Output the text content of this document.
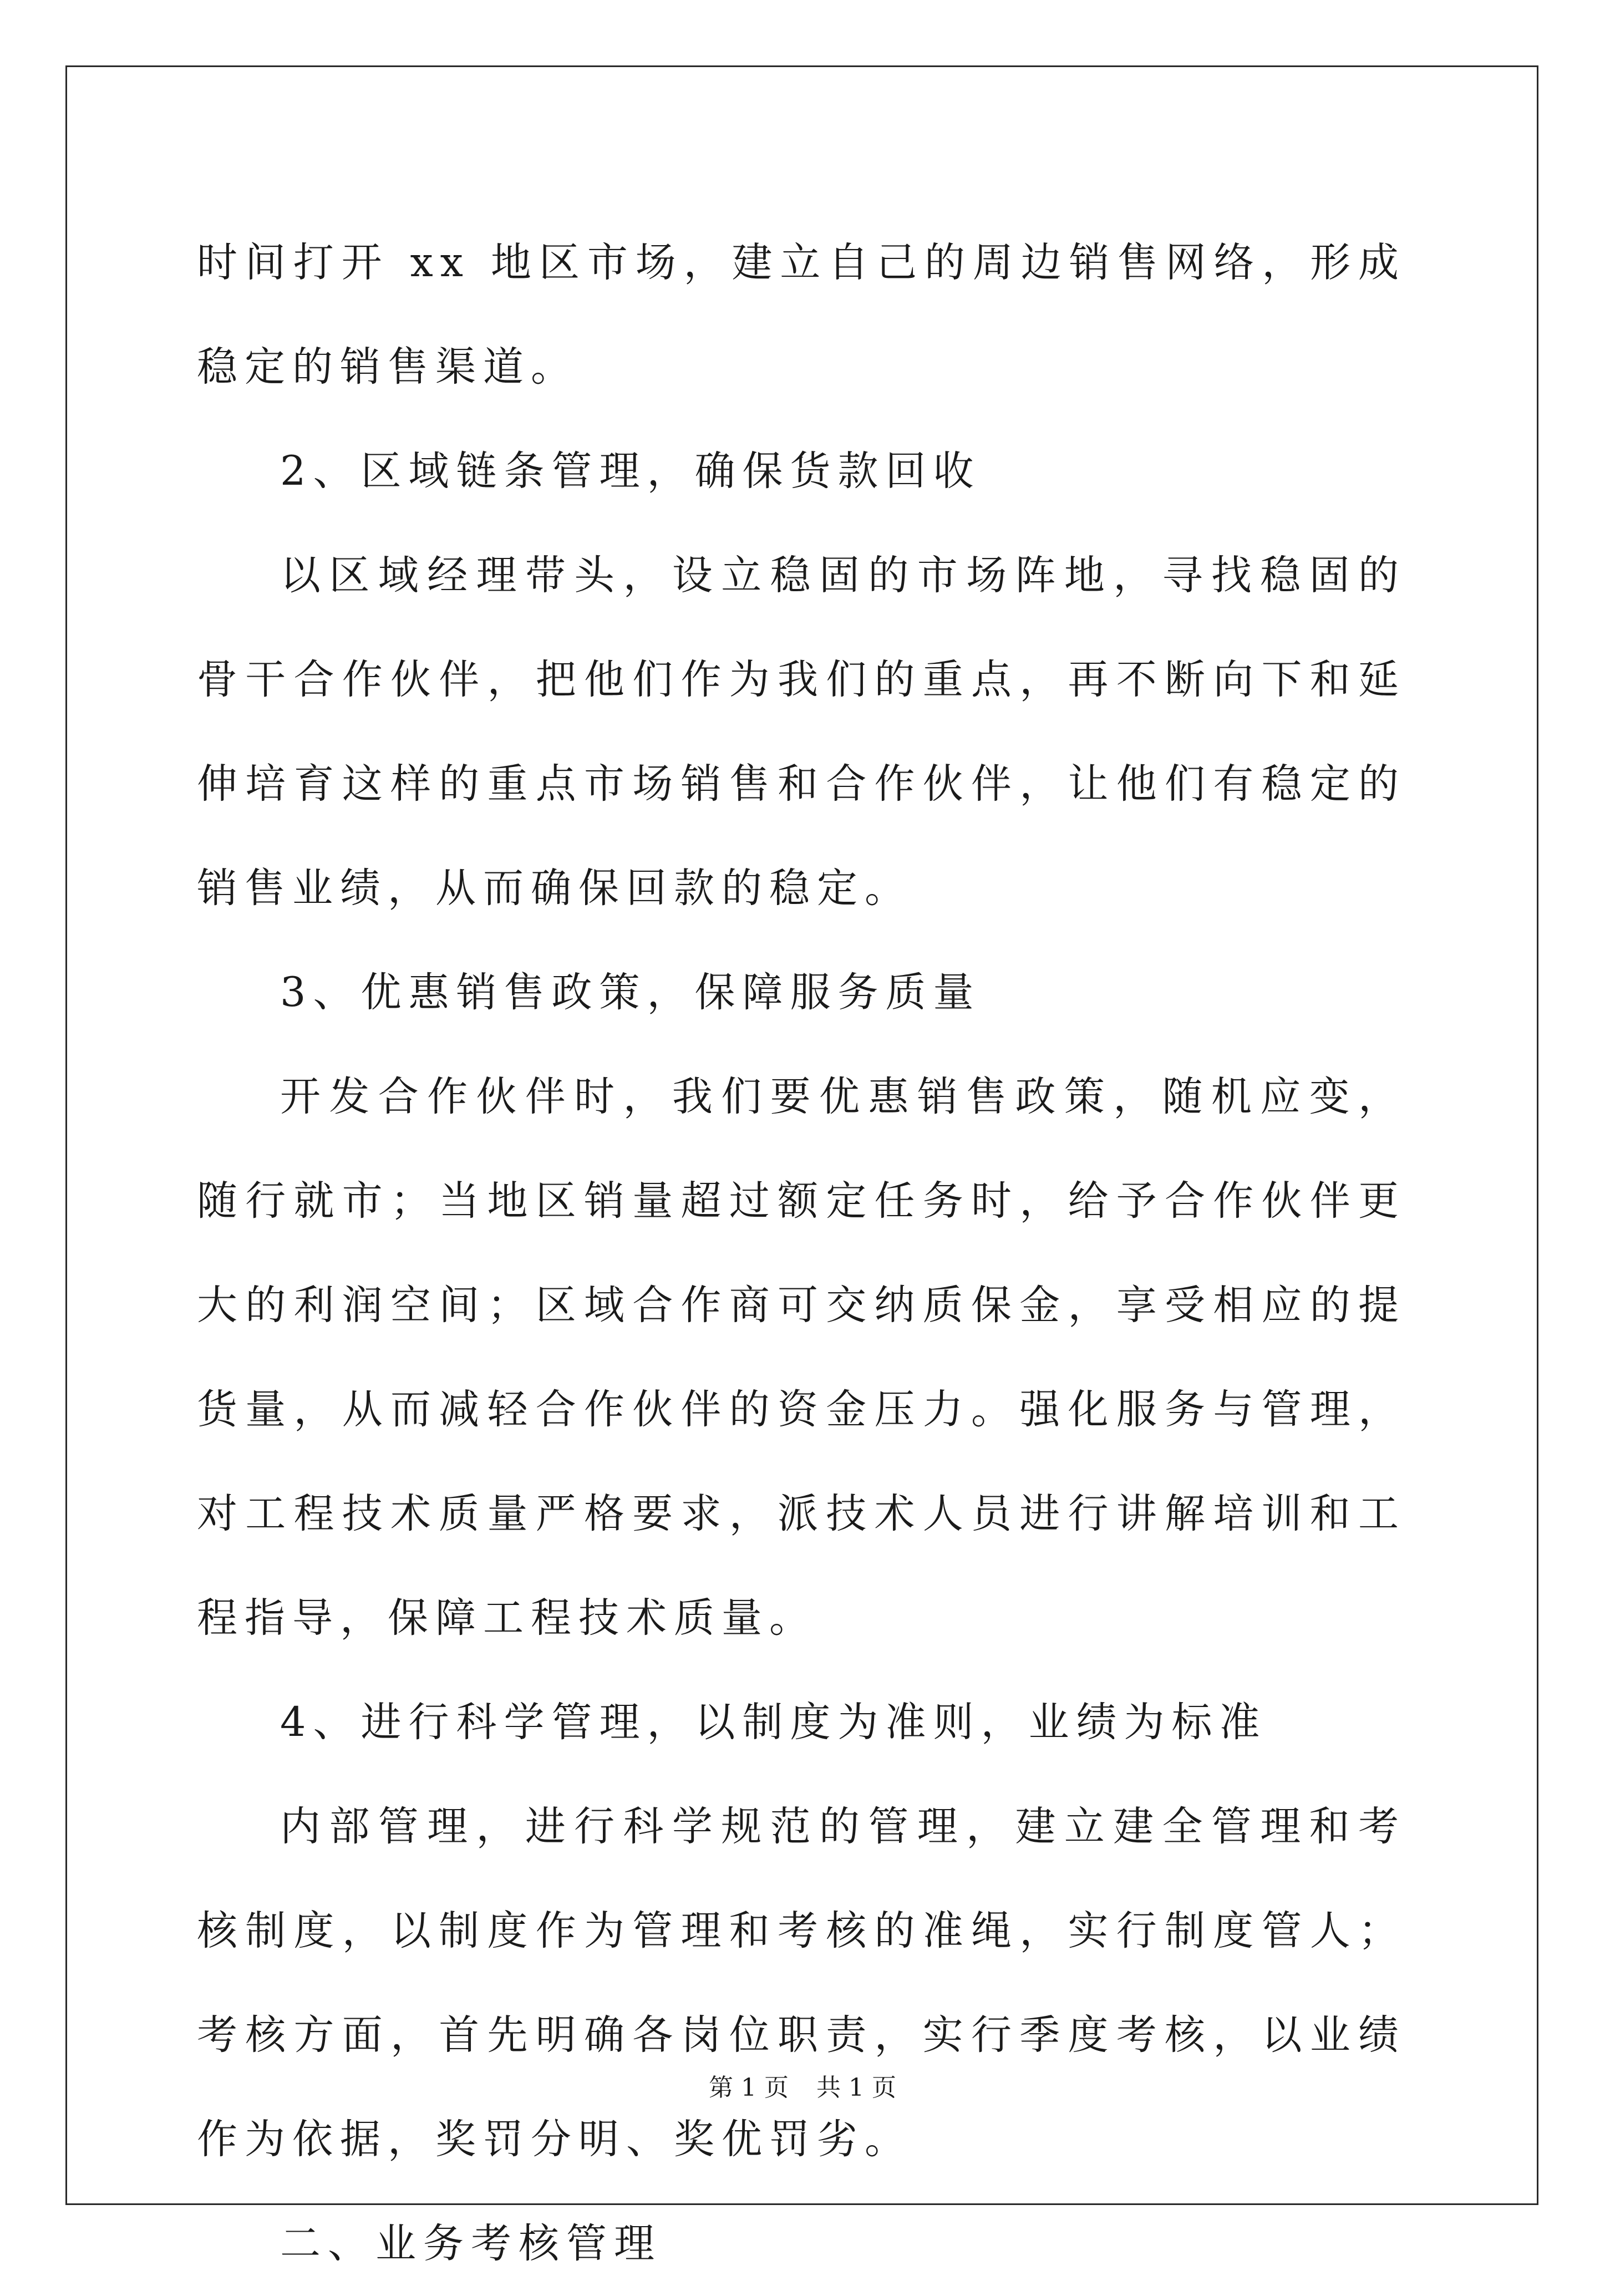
时间打开 xx 地区市场，建立自己的周边销售网络，形成稳定的销售渠道。

2、区域链条管理，确保货款回收

以区域经理带头，设立稳固的市场阵地，寻找稳固的骨干合作伙伴，把他们作为我们的重点，再不断向下和延伸培育这样的重点市场销售和合作伙伴，让他们有稳定的销售业绩，从而确保回款的稳定。

3、优惠销售政策，保障服务质量

开发合作伙伴时，我们要优惠销售政策，随机应变，随行就市；当地区销量超过额定任务时，给予合作伙伴更大的利润空间；区域合作商可交纳质保金，享受相应的提货量，从而减轻合作伙伴的资金压力。强化服务与管理，对工程技术质量严格要求，派技术人员进行讲解培训和工程指导，保障工程技术质量。

4、进行科学管理，以制度为准则，业绩为标准

内部管理，进行科学规范的管理，建立建全管理和考核制度，以制度作为管理和考核的准绳，实行制度管人；考核方面，首先明确各岗位职责，实行季度考核，以业绩作为依据，奖罚分明、奖优罚劣。

二、业务考核管理

第 1 页 共 1 页
